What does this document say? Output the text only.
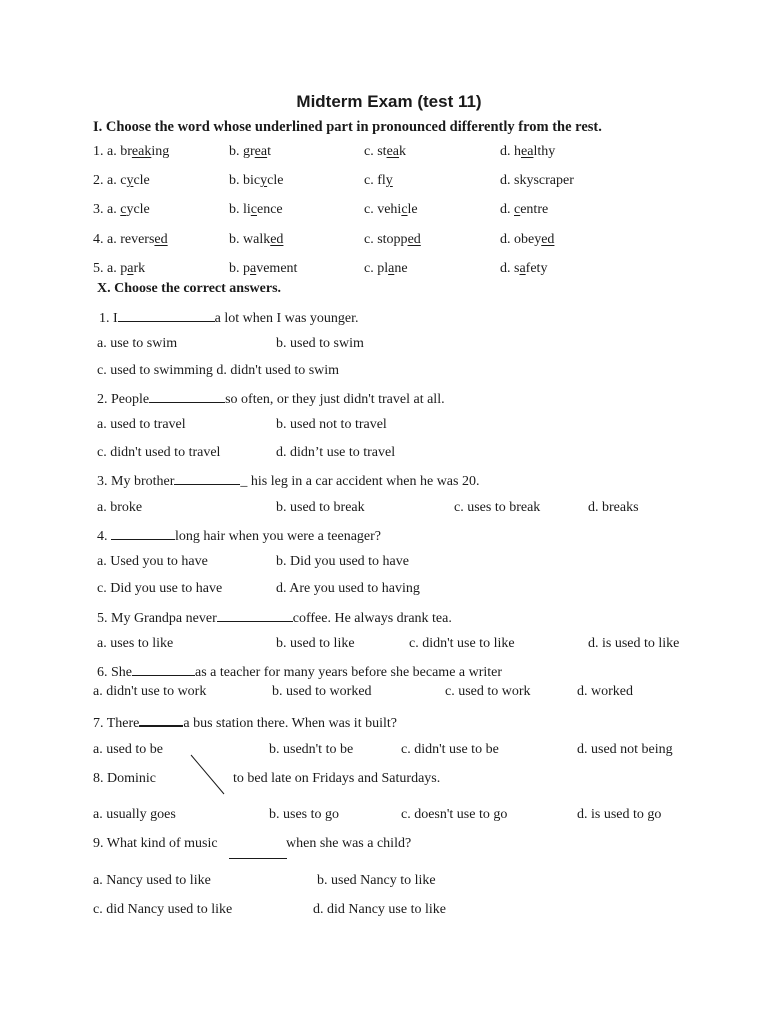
Midterm Exam (test 11)
I. Choose the word whose underlined part in pronounced differently from the rest.
1. a. breaking	b. great	c. steak	d. healthy
2. a. cycle	b. bicycle	c. fly	d. skyscraper
3. a. cycle	b. licence	c. vehicle	d. centre
4. a. reversed	b. walked	c. stopped	d. obeyed
5. a. park	b. pavement	c. plane	d. safety
X. Choose the correct answers.
1. I	a lot when I was younger.
a. use to swim	b. used to swim
c. used to swimming d. didn't used to swim
2. People	so often, or they just didn't travel at all.
a. used to travel	b. used not to travel
c. didn't used to travel	d. didn’t use to travel
3. My brother	_ his leg in a car accident when he was 20.
a. broke	b. used to break	c. uses to break	d. breaks
4.	long hair when you were a teenager?
a. Used you to have	b. Did you used to have
c. Did you use to have	d. Are you used to having
5. My Grandpa never	coffee. He always drank tea.
a. uses to like	b. used to like	c. didn't use to like	d. is used to like
6. She	as a teacher for many years before she became a writer
a. didn't use to work	b. used to worked	c. used to work	d. worked
7. There	a bus station there. When was it built?
a. used to be	b. usedn't to be	c. didn't use to be	d. used not being
8. Dominic	to bed late on Fridays and Saturdays.
a. usually goes	b. uses to go	c. doesn't use to go	d. is used to go
9. What kind of music	when she was a child?
a. Nancy used to like	b. used Nancy to like
c. did Nancy used to like	d. did Nancy use to like
